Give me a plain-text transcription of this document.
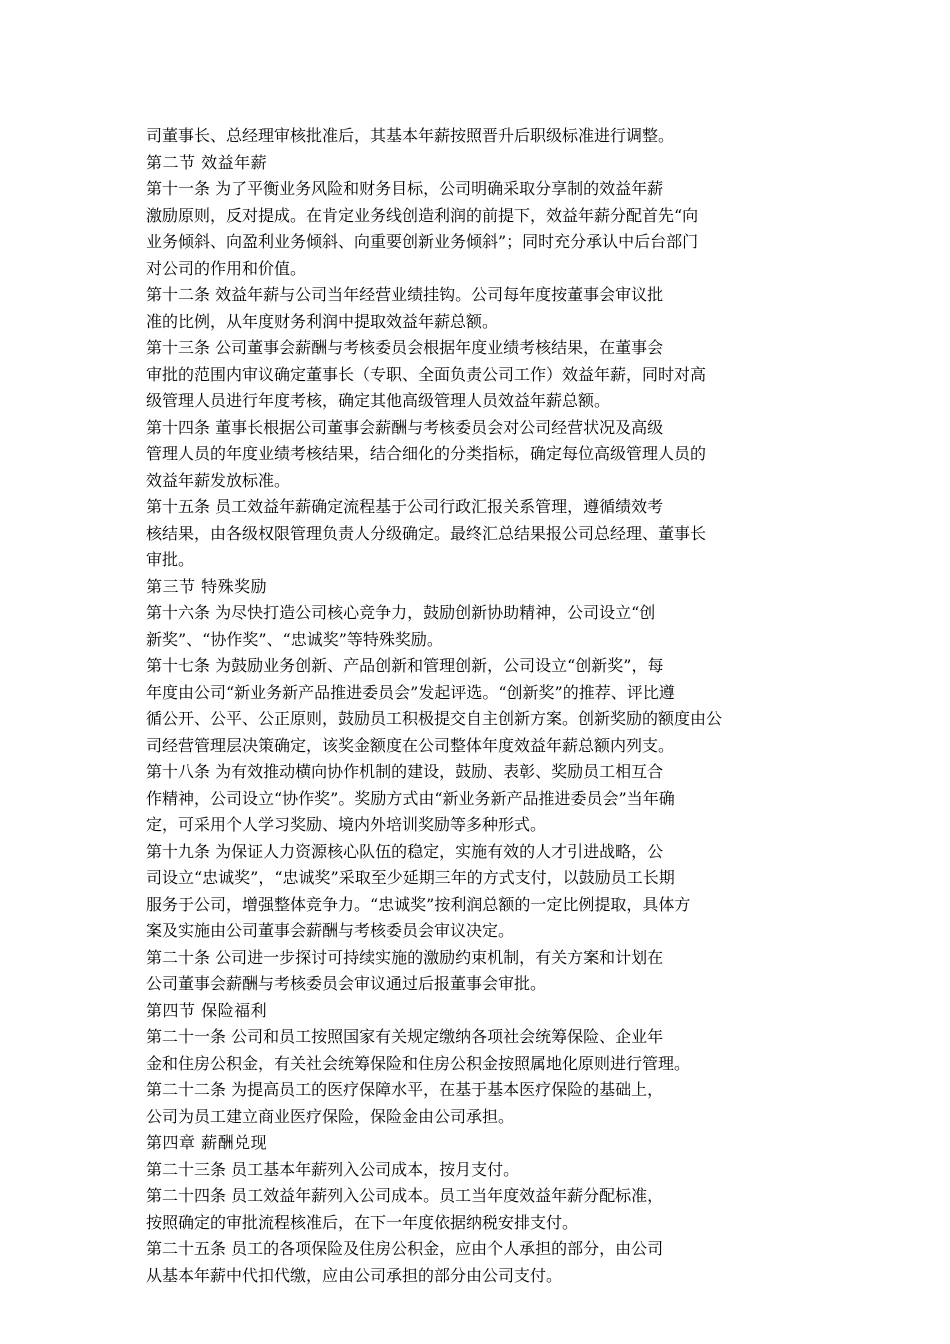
司董事长、总经理审核批准后，其基本年薪按照晋升后职级标准进行调整。
第二节 效益年薪
第十一条 为了平衡业务风险和财务目标，公司明确采取分享制的效益年薪
激励原则，反对提成。在肯定业务线创造利润的前提下，效益年薪分配首先“向
业务倾斜、向盈利业务倾斜、向重要创新业务倾斜”；同时充分承认中后台部门
对公司的作用和价值。
第十二条 效益年薪与公司当年经营业绩挂钩。公司每年度按董事会审议批
准的比例，从年度财务利润中提取效益年薪总额。
第十三条 公司董事会薪酬与考核委员会根据年度业绩考核结果，在董事会
审批的范围内审议确定董事长（专职、全面负责公司工作）效益年薪，同时对高
级管理人员进行年度考核，确定其他高级管理人员效益年薪总额。
第十四条 董事长根据公司董事会薪酬与考核委员会对公司经营状况及高级
管理人员的年度业绩考核结果，结合细化的分类指标，确定每位高级管理人员的
效益年薪发放标准。
第十五条 员工效益年薪确定流程基于公司行政汇报关系管理，遵循绩效考
核结果，由各级权限管理负责人分级确定。最终汇总结果报公司总经理、董事长
审批。
第三节 特殊奖励
第十六条 为尽快打造公司核心竞争力，鼓励创新协助精神，公司设立“创
新奖”、“协作奖”、“忠诚奖”等特殊奖励。
第十七条 为鼓励业务创新、产品创新和管理创新，公司设立“创新奖”，每
年度由公司“新业务新产品推进委员会”发起评选。“创新奖”的推荐、评比遵
循公开、公平、公正原则，鼓励员工积极提交自主创新方案。创新奖励的额度由公
司经营管理层决策确定，该奖金额度在公司整体年度效益年薪总额内列支。
第十八条 为有效推动横向协作机制的建设，鼓励、表彰、奖励员工相互合
作精神，公司设立“协作奖”。奖励方式由“新业务新产品推进委员会”当年确
定，可采用个人学习奖励、境内外培训奖励等多种形式。
第十九条 为保证人力资源核心队伍的稳定，实施有效的人才引进战略，公
司设立“忠诚奖”，“忠诚奖”采取至少延期三年的方式支付，以鼓励员工长期
服务于公司，增强整体竞争力。“忠诚奖”按利润总额的一定比例提取，具体方
案及实施由公司董事会薪酬与考核委员会审议决定。
第二十条 公司进一步探讨可持续实施的激励约束机制，有关方案和计划在
公司董事会薪酬与考核委员会审议通过后报董事会审批。
第四节 保险福利
第二十一条 公司和员工按照国家有关规定缴纳各项社会统筹保险、企业年
金和住房公积金，有关社会统筹保险和住房公积金按照属地化原则进行管理。
第二十二条 为提高员工的医疗保障水平，在基于基本医疗保险的基础上，
公司为员工建立商业医疗保险，保险金由公司承担。
第四章 薪酬兑现
第二十三条 员工基本年薪列入公司成本，按月支付。
第二十四条 员工效益年薪列入公司成本。员工当年度效益年薪分配标准，
按照确定的审批流程核准后，在下一年度依据纳税安排支付。
第二十五条 员工的各项保险及住房公积金，应由个人承担的部分，由公司
从基本年薪中代扣代缴，应由公司承担的部分由公司支付。
